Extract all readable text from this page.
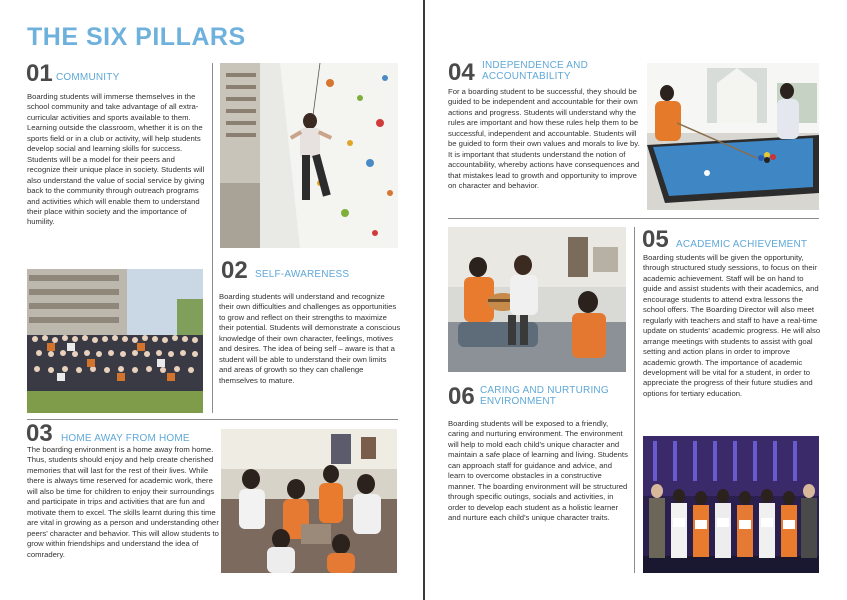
THE SIX PILLARS
01 COMMUNITY
Boarding students will immerse themselves in the school community and take advantage of all extra-curricular activities and sports available to them. Learning outside the classroom, whether it is on the sports field or in a club or activity, will help students develop social and learning skills for success. Students will be a model for their peers and recognize their unique place in society. Students will also understand the value of social service by giving back to the community through outreach programs and activities which will enable them to understand their place within society and the importance of humility.
02 SELF-AWARENESS
Boarding students will understand and recognize their own difficulties and challenges as opportunities to grow and reflect on their strengths to maximize their potential. Students will demonstrate a conscious knowledge of their own character, feelings, motives and desires. The idea of being self – aware is that a student will be able to understand their own limits and areas of growth so they can challenge themselves to mature.
03 HOME AWAY FROM HOME
The boarding environment is a home away from home. Thus, students should enjoy and help create cherished memories that will last for the rest of their lives. While there is always time reserved for academic work, there will also be time for children to enjoy their surroundings and participate in trips and activities that are fun and motivate them to excel. The skills learnt during this time are vital in growing as a person and understanding other peers' character and behavior. This will allow students to grow within friendships and understand the idea of comradery.
04 INDEPENDENCE AND ACCOUNTABILITY
For a boarding student to be successful, they should be guided to be independent and accountable for their own actions and progress. Students will understand why the rules are important and how these rules help them to be successful, independent and accountable. Students will be guided to form their own values and morals to live by. It is important that students understand the notion of accountability, whereby actions have consequences and that mistakes lead to growth and opportunity to improve on character and behavior.
05 ACADEMIC ACHIEVEMENT
Boarding students will be given the opportunity, through structured study sessions, to focus on their academic achievement. Staff will be on hand to guide and assist students with their academics, and encourage students to attend extra lessons the school offers. The Boarding Director will also meet regularly with teachers and staff to have a real-time update on students' academic progress. He will also arrange meetings with students to assist with goal setting and action plans in order to improve academic growth. The importance of academic development will be vital for a student, in order to appreciate the progress of their future studies and options for tertiary education.
06 CARING AND NURTURING ENVIRONMENT
Boarding students will be exposed to a friendly, caring and nurturing environment. The environment will help to mold each child's unique character and maintain a safe place of learning and living. Students can approach staff for guidance and advice, and learn to overcome obstacles in a constructive manner. The boarding environment will be structured through specific outings, socials and activities, in order to develop each student as a holistic learner and nurture each child's unique character traits.
